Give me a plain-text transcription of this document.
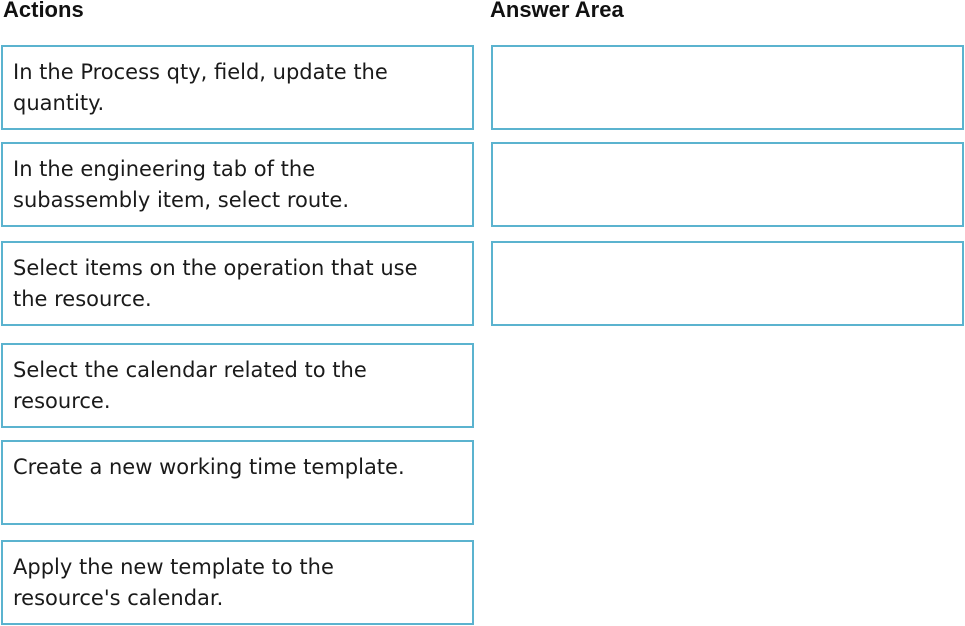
Actions	Answer Area
In the Process qty, field, update the quantity.
In the engineering tab of the subassembly item, select route.
Select items on the operation that use the resource.
Select the calendar related to the resource.
Create a new working time template.
Apply the new template to the resource's calendar.
